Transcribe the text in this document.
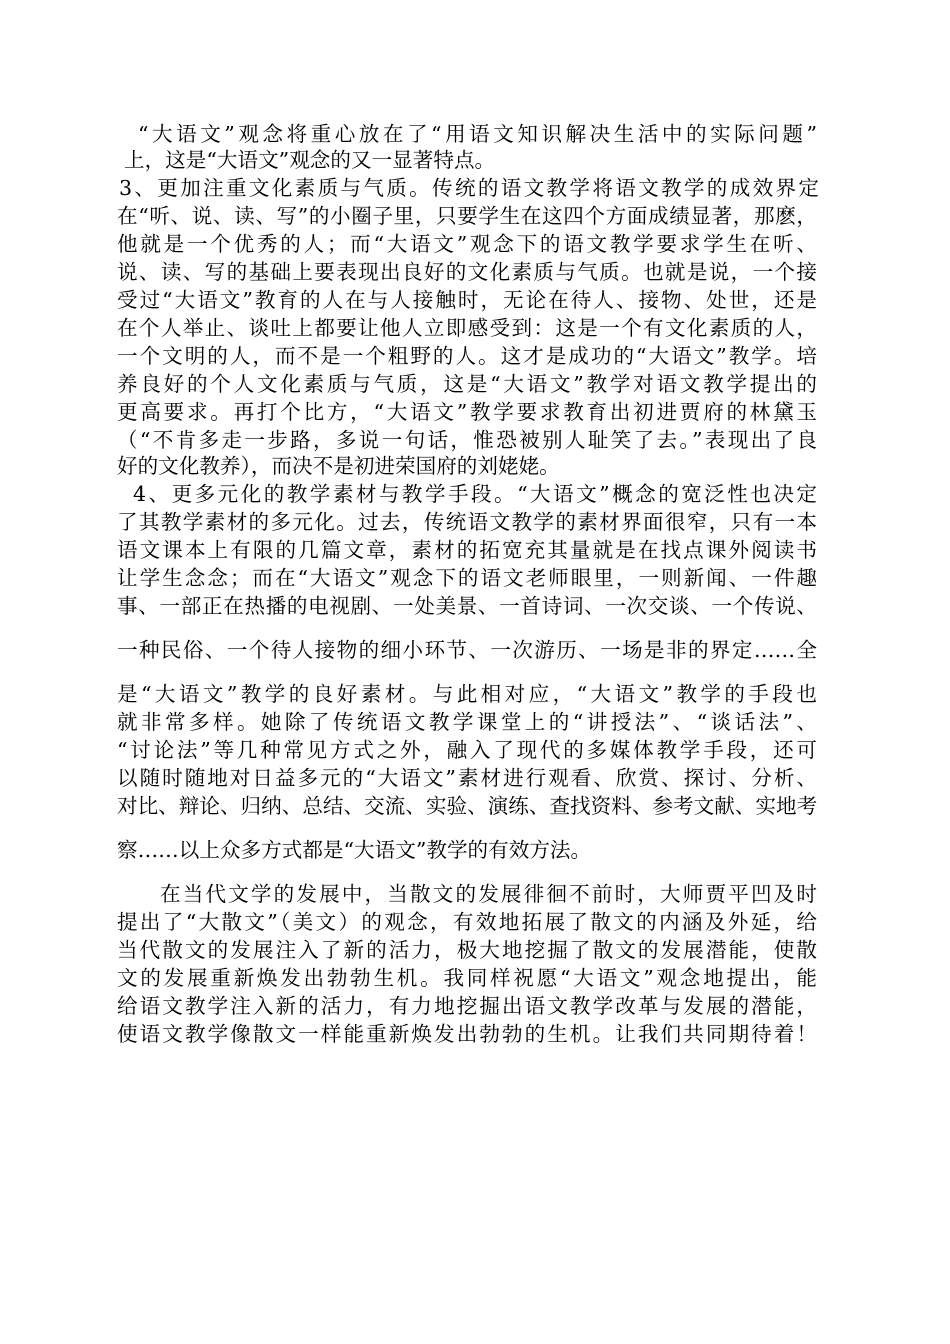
“大语文”观念将重心放在了“用语文知识解决生活中的实际问题”
上，这是“大语文”观念的又一显著特点。
3、更加注重文化素质与气质。传统的语文教学将语文教学的成效界定
在“听、说、读、写”的小圈子里，只要学生在这四个方面成绩显著，那麽，
他就是一个优秀的人；而“大语文”观念下的语文教学要求学生在听、
说、读、写的基础上要表现出良好的文化素质与气质。也就是说，一个接
受过“大语文”教育的人在与人接触时，无论在待人、接物、处世，还是
在个人举止、谈吐上都要让他人立即感受到：这是一个有文化素质的人，
一个文明的人，而不是一个粗野的人。这才是成功的“大语文”教学。培
养良好的个人文化素质与气质，这是“大语文”教学对语文教学提出的
更高要求。再打个比方，“大语文”教学要求教育出初进贾府的林黛玉
（“不肯多走一步路，多说一句话，惟恐被别人耻笑了去。”表现出了良
好的文化教养），而决不是初进荣国府的刘姥姥。
4、更多元化的教学素材与教学手段。“大语文”概念的宽泛性也决定
了其教学素材的多元化。过去，传统语文教学的素材界面很窄，只有一本
语文课本上有限的几篇文章，素材的拓宽充其量就是在找点课外阅读书
让学生念念；而在“大语文”观念下的语文老师眼里，一则新闻、一件趣
事、一部正在热播的电视剧、一处美景、一首诗词、一次交谈、一个传说、
一种民俗、一个待人接物的细小环节、一次游历、一场是非的界定……全
是“大语文”教学的良好素材。与此相对应，“大语文”教学的手段也
就非常多样。她除了传统语文教学课堂上的“讲授法”、“谈话法”、
“讨论法”等几种常见方式之外，融入了现代的多媒体教学手段，还可
以随时随地对日益多元的“大语文”素材进行观看、欣赏、探讨、分析、
对比、辩论、归纳、总结、交流、实验、演练、查找资料、参考文献、实地考
察……以上众多方式都是“大语文”教学的有效方法。
在当代文学的发展中，当散文的发展徘徊不前时，大师贾平凹及时
提出了“大散文”（美文）的观念，有效地拓展了散文的内涵及外延，给
当代散文的发展注入了新的活力，极大地挖掘了散文的发展潜能，使散
文的发展重新焕发出勃勃生机。我同样祝愿“大语文”观念地提出，能
给语文教学注入新的活力，有力地挖掘出语文教学改革与发展的潜能，
使语文教学像散文一样能重新焕发出勃勃的生机。让我们共同期待着！
